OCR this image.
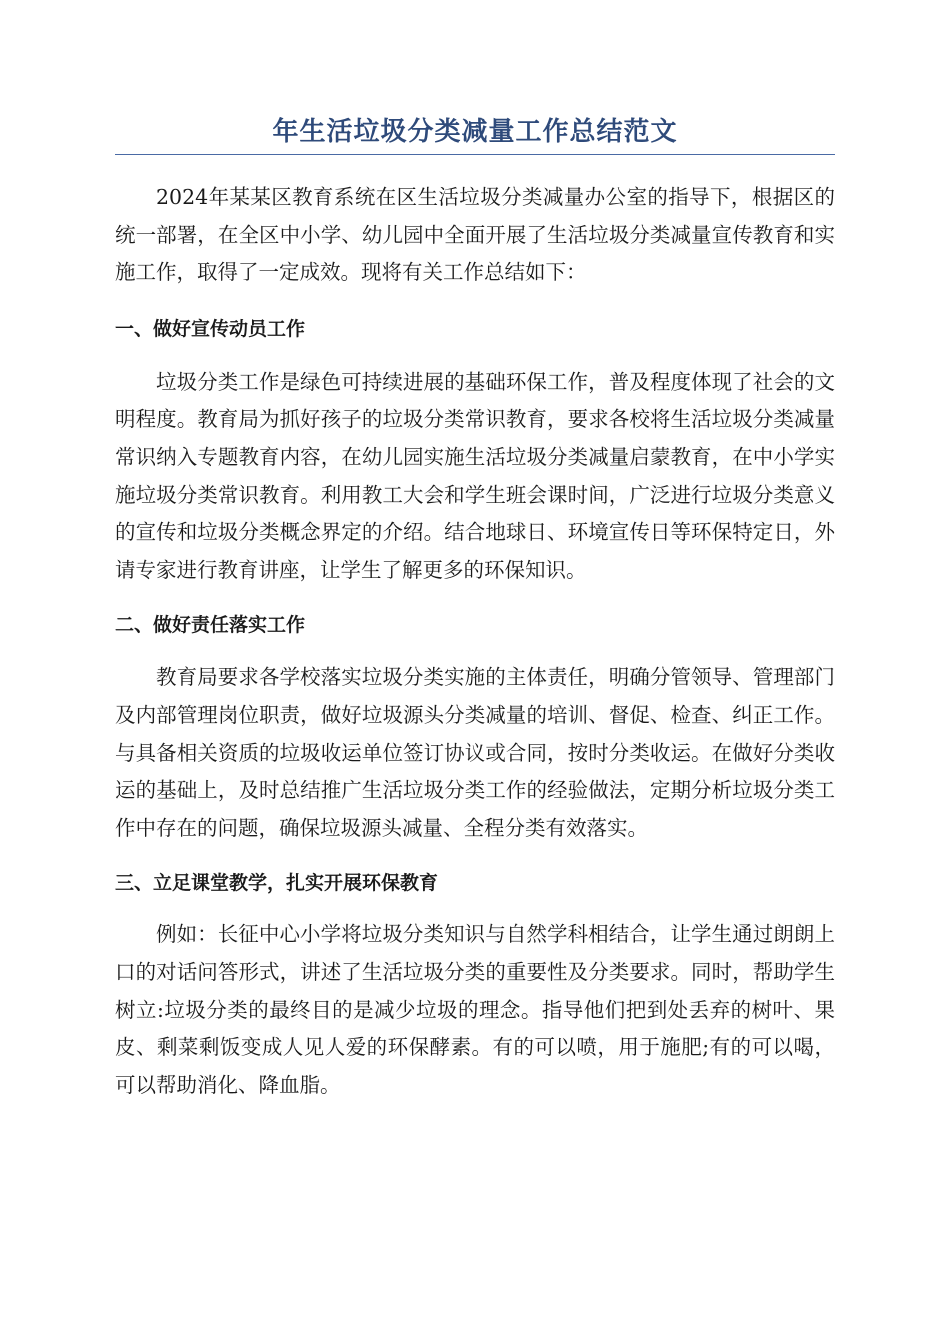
年生活垃圾分类减量工作总结范文

2024年某某区教育系统在区生活垃圾分类减量办公室的指导下，根据区的统一部署，在全区中小学、幼儿园中全面开展了生活垃圾分类减量宣传教育和实施工作，取得了一定成效。现将有关工作总结如下：

一、做好宣传动员工作

垃圾分类工作是绿色可持续进展的基础环保工作，普及程度体现了社会的文明程度。教育局为抓好孩子的垃圾分类常识教育，要求各校将生活垃圾分类减量常识纳入专题教育内容，在幼儿园实施生活垃圾分类减量启蒙教育，在中小学实施垃圾分类常识教育。利用教工大会和学生班会课时间，广泛进行垃圾分类意义的宣传和垃圾分类概念界定的介绍。结合地球日、环境宣传日等环保特定日，外请专家进行教育讲座，让学生了解更多的环保知识。

二、做好责任落实工作

教育局要求各学校落实垃圾分类实施的主体责任，明确分管领导、管理部门及内部管理岗位职责，做好垃圾源头分类减量的培训、督促、检查、纠正工作。与具备相关资质的垃圾收运单位签订协议或合同，按时分类收运。在做好分类收运的基础上，及时总结推广生活垃圾分类工作的经验做法，定期分析垃圾分类工作中存在的问题，确保垃圾源头减量、全程分类有效落实。

三、立足课堂教学，扎实开展环保教育

例如：长征中心小学将垃圾分类知识与自然学科相结合，让学生通过朗朗上口的对话问答形式，讲述了生活垃圾分类的重要性及分类要求。同时，帮助学生树立:垃圾分类的最终目的是减少垃圾的理念。指导他们把到处丢弃的树叶、果皮、剩菜剩饭变成人见人爱的环保酵素。有的可以喷，用于施肥;有的可以喝，可以帮助消化、降血脂。
